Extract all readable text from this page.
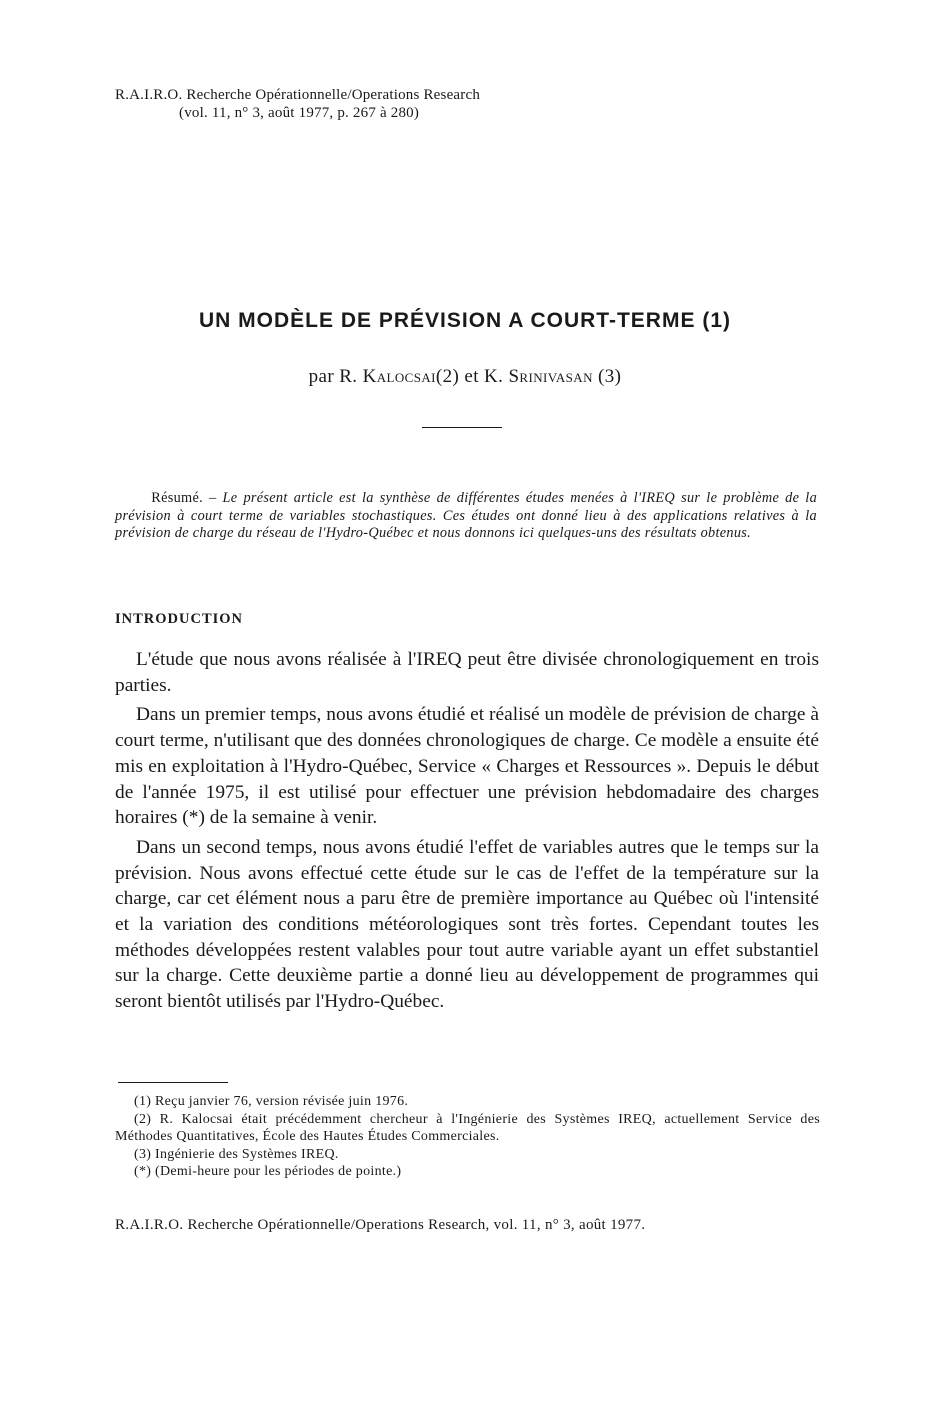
R.A.I.R.O. Recherche Opérationnelle/Operations Research
(vol. 11, n° 3, août 1977, p. 267 à 280)
UN MODÈLE DE PRÉVISION A COURT-TERME (1)
par R. Kalocsai(2) et K. Srinivasan (3)
Résumé. – Le présent article est la synthèse de différentes études menées à l'IREQ sur le problème de la prévision à court terme de variables stochastiques. Ces études ont donné lieu à des applications relatives à la prévision de charge du réseau de l'Hydro-Québec et nous donnons ici quelques-uns des résultats obtenus.
INTRODUCTION

L'étude que nous avons réalisée à l'IREQ peut être divisée chronologiquement en trois parties.

Dans un premier temps, nous avons étudié et réalisé un modèle de prévision de charge à court terme, n'utilisant que des données chronologiques de charge. Ce modèle a ensuite été mis en exploitation à l'Hydro-Québec, Service « Charges et Ressources ». Depuis le début de l'année 1975, il est utilisé pour effectuer une prévision hebdomadaire des charges horaires (*) de la semaine à venir.

Dans un second temps, nous avons étudié l'effet de variables autres que le temps sur la prévision. Nous avons effectué cette étude sur le cas de l'effet de la température sur la charge, car cet élément nous a paru être de première importance au Québec où l'intensité et la variation des conditions météorologiques sont très fortes. Cependant toutes les méthodes développées restent valables pour tout autre variable ayant un effet substantiel sur la charge. Cette deuxième partie a donné lieu au développement de programmes qui seront bientôt utilisés par l'Hydro-Québec.

(1) Reçu janvier 76, version révisée juin 1976.

(2) R. Kalocsai était précédemment chercheur à l'Ingénierie des Systèmes IREQ, actuellement Service des Méthodes Quantitatives, École des Hautes Études Commerciales.

(3) Ingénierie des Systèmes IREQ.

(*) (Demi-heure pour les périodes de pointe.)

R.A.I.R.O. Recherche Opérationnelle/Operations Research, vol. 11, n° 3, août 1977.
